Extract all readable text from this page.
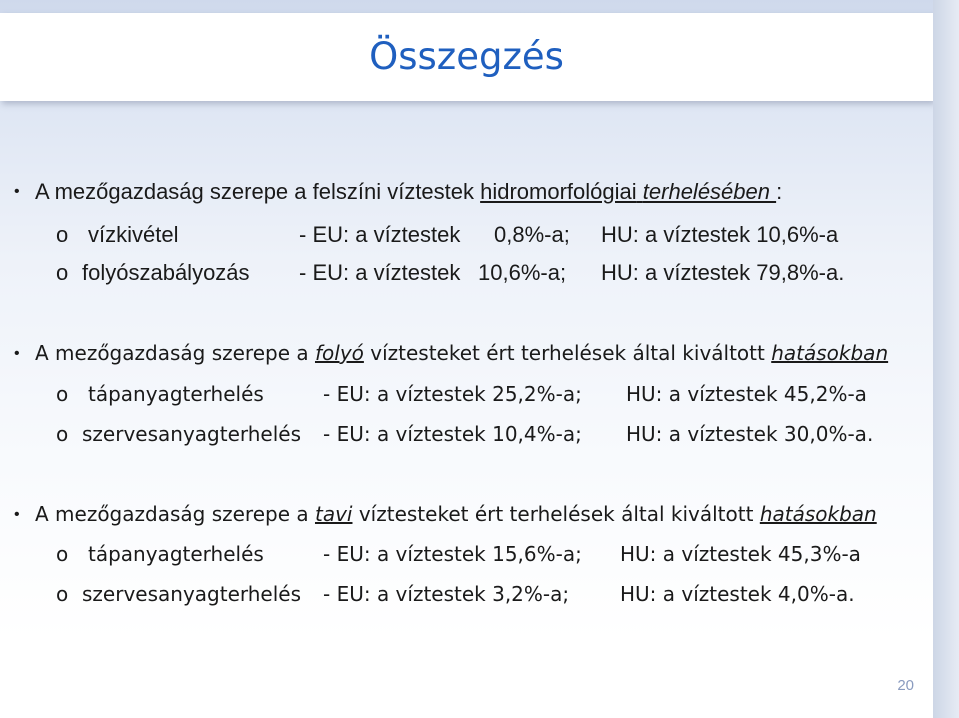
Összegzés
• A mezőgazdaság szerepe a felszíni víztestek hidromorfológiai terhelésében :
o vízkivétel	- EU: a víztestek 0,8%-a; HU: a víztestek 10,6%-a
o folyószabályozás - EU: a víztestek 10,6%-a; HU: a víztestek 79,8%-a.
• A mezőgazdaság szerepe a folyó víztesteket ért terhelések által kiváltott hatásokban
o tápanyagterhelés	- EU: a víztestek 25,2%-a; HU: a víztestek 45,2%-a
o szervesanyagterhelés - EU: a víztestek 10,4%-a; HU: a víztestek 30,0%-a.
• A mezőgazdaság szerepe a tavi víztesteket ért terhelések által kiváltott hatásokban
o tápanyagterhelés	- EU: a víztestek 15,6%-a; HU: a víztestek 45,3%-a
o szervesanyagterhelés - EU: a víztestek 3,2%-a;	HU: a víztestek 4,0%-a.
20
